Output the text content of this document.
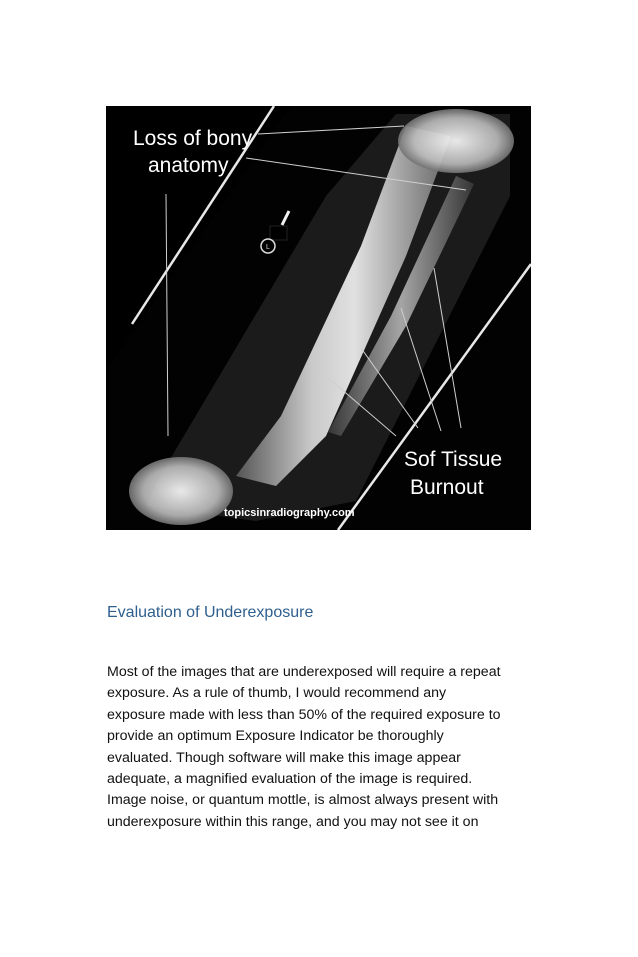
L
Loss of bony
anatomy
Sof Tissue
Burnout
topicsinradiography.com
Evaluation of Underexposure

Most of the images that are underexposed will require a repeat
exposure. As a rule of thumb, I would recommend any
exposure made with less than 50% of the required exposure to
provide an optimum Exposure Indicator be thoroughly
evaluated. Though software will make this image appear
adequate, a magnified evaluation of the image is required.
Image noise, or quantum mottle, is almost always present with
underexposure within this range, and you may not see it on
